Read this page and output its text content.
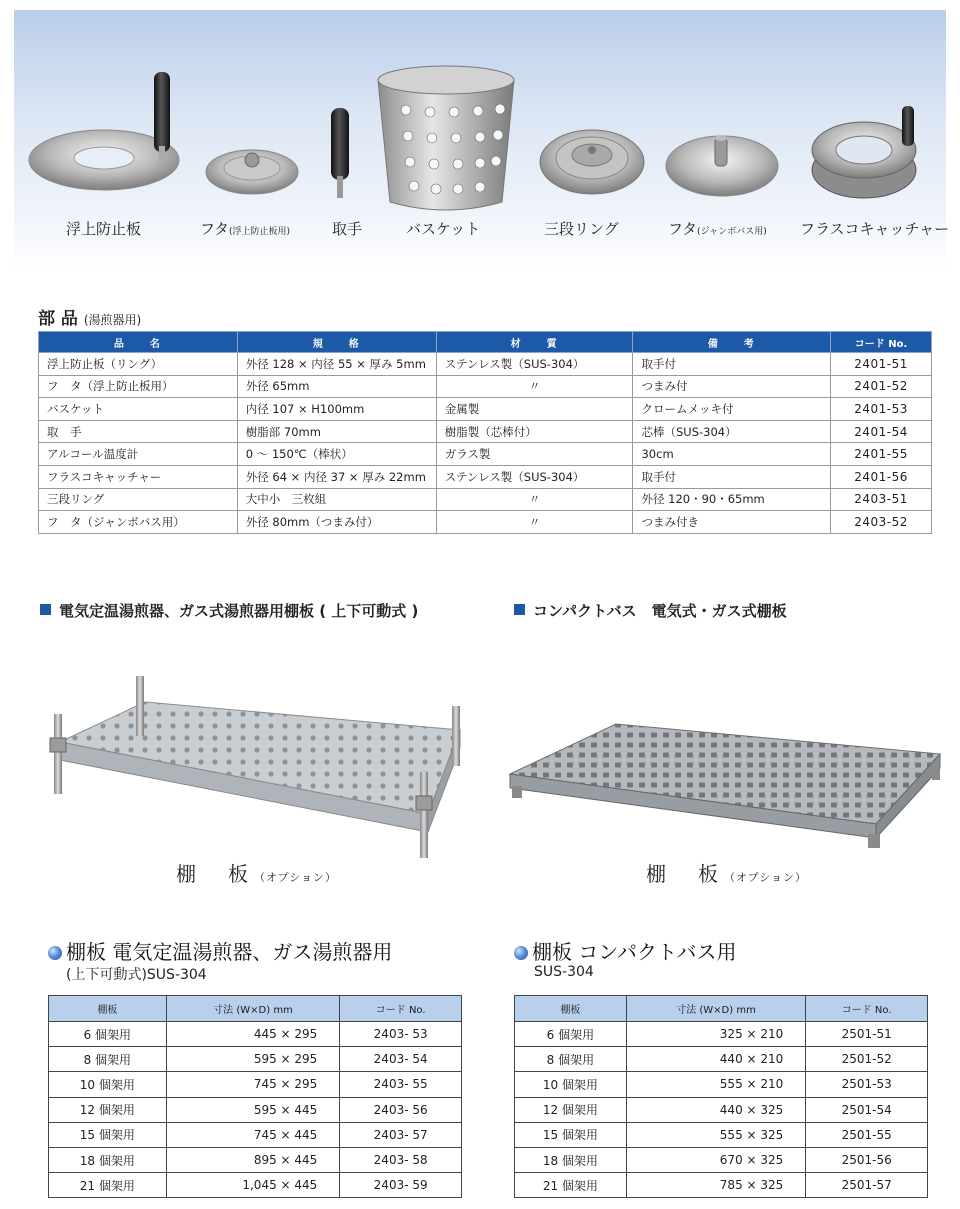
浮上防止板	フタ(浮上防止板用)	取手	バスケット	三段リング	フタ(ジャンボバス用) フラスコキャッチャー
部 品 (湯煎器用)
品　　名	規　　格	材　　質	備　　考	コード No.
浮上防止板（リング）	外径 128 × 内径 55 × 厚み 5mm	ステンレス製（SUS-304）	取手付	2401-51
フ　タ（浮上防止板用）	外径 65mm	〃	つまみ付	2401-52
バスケット	内径 107 × H100mm	金属製	クロームメッキ付	2401-53
取　手	樹脂部 70mm	樹脂製（芯棒付）	芯棒（SUS-304）	2401-54
アルコール温度計	0 ～ 150℃（棒状）	ガラス製	30cm	2401-55
フラスコキャッチャー	外径 64 × 内径 37 × 厚み 22mm	ステンレス製（SUS-304）	取手付	2401-56
三段リング	大中小　三枚組	〃	外径 120・90・65mm	2403-51
フ　タ（ジャンボバス用）	外径 80mm（つまみ付）	〃	つまみ付き	2403-52
電気定温湯煎器、ガス式湯煎器用棚板 ( 上下可動式 )	コンパクトバス　電気式・ガス式棚板
棚　板（オプション）	棚　板（オプション）
棚板 電気定温湯煎器、ガス湯煎器用
(上下可動式)SUS-304
棚板 コンパクトバス用
SUS-304
棚板	寸法 (W×D) mm	コード No.
6 個架用	445 × 295	2403- 53
8 個架用	595 × 295	2403- 54
10 個架用	745 × 295	2403- 55
12 個架用	595 × 445	2403- 56
15 個架用	745 × 445	2403- 57
18 個架用	895 × 445	2403- 58
21 個架用	1,045 × 445	2403- 59
棚板	寸法 (W×D) mm	コード No.
6 個架用	325 × 210	2501-51
8 個架用	440 × 210	2501-52
10 個架用	555 × 210	2501-53
12 個架用	440 × 325	2501-54
15 個架用	555 × 325	2501-55
18 個架用	670 × 325	2501-56
21 個架用	785 × 325	2501-57
